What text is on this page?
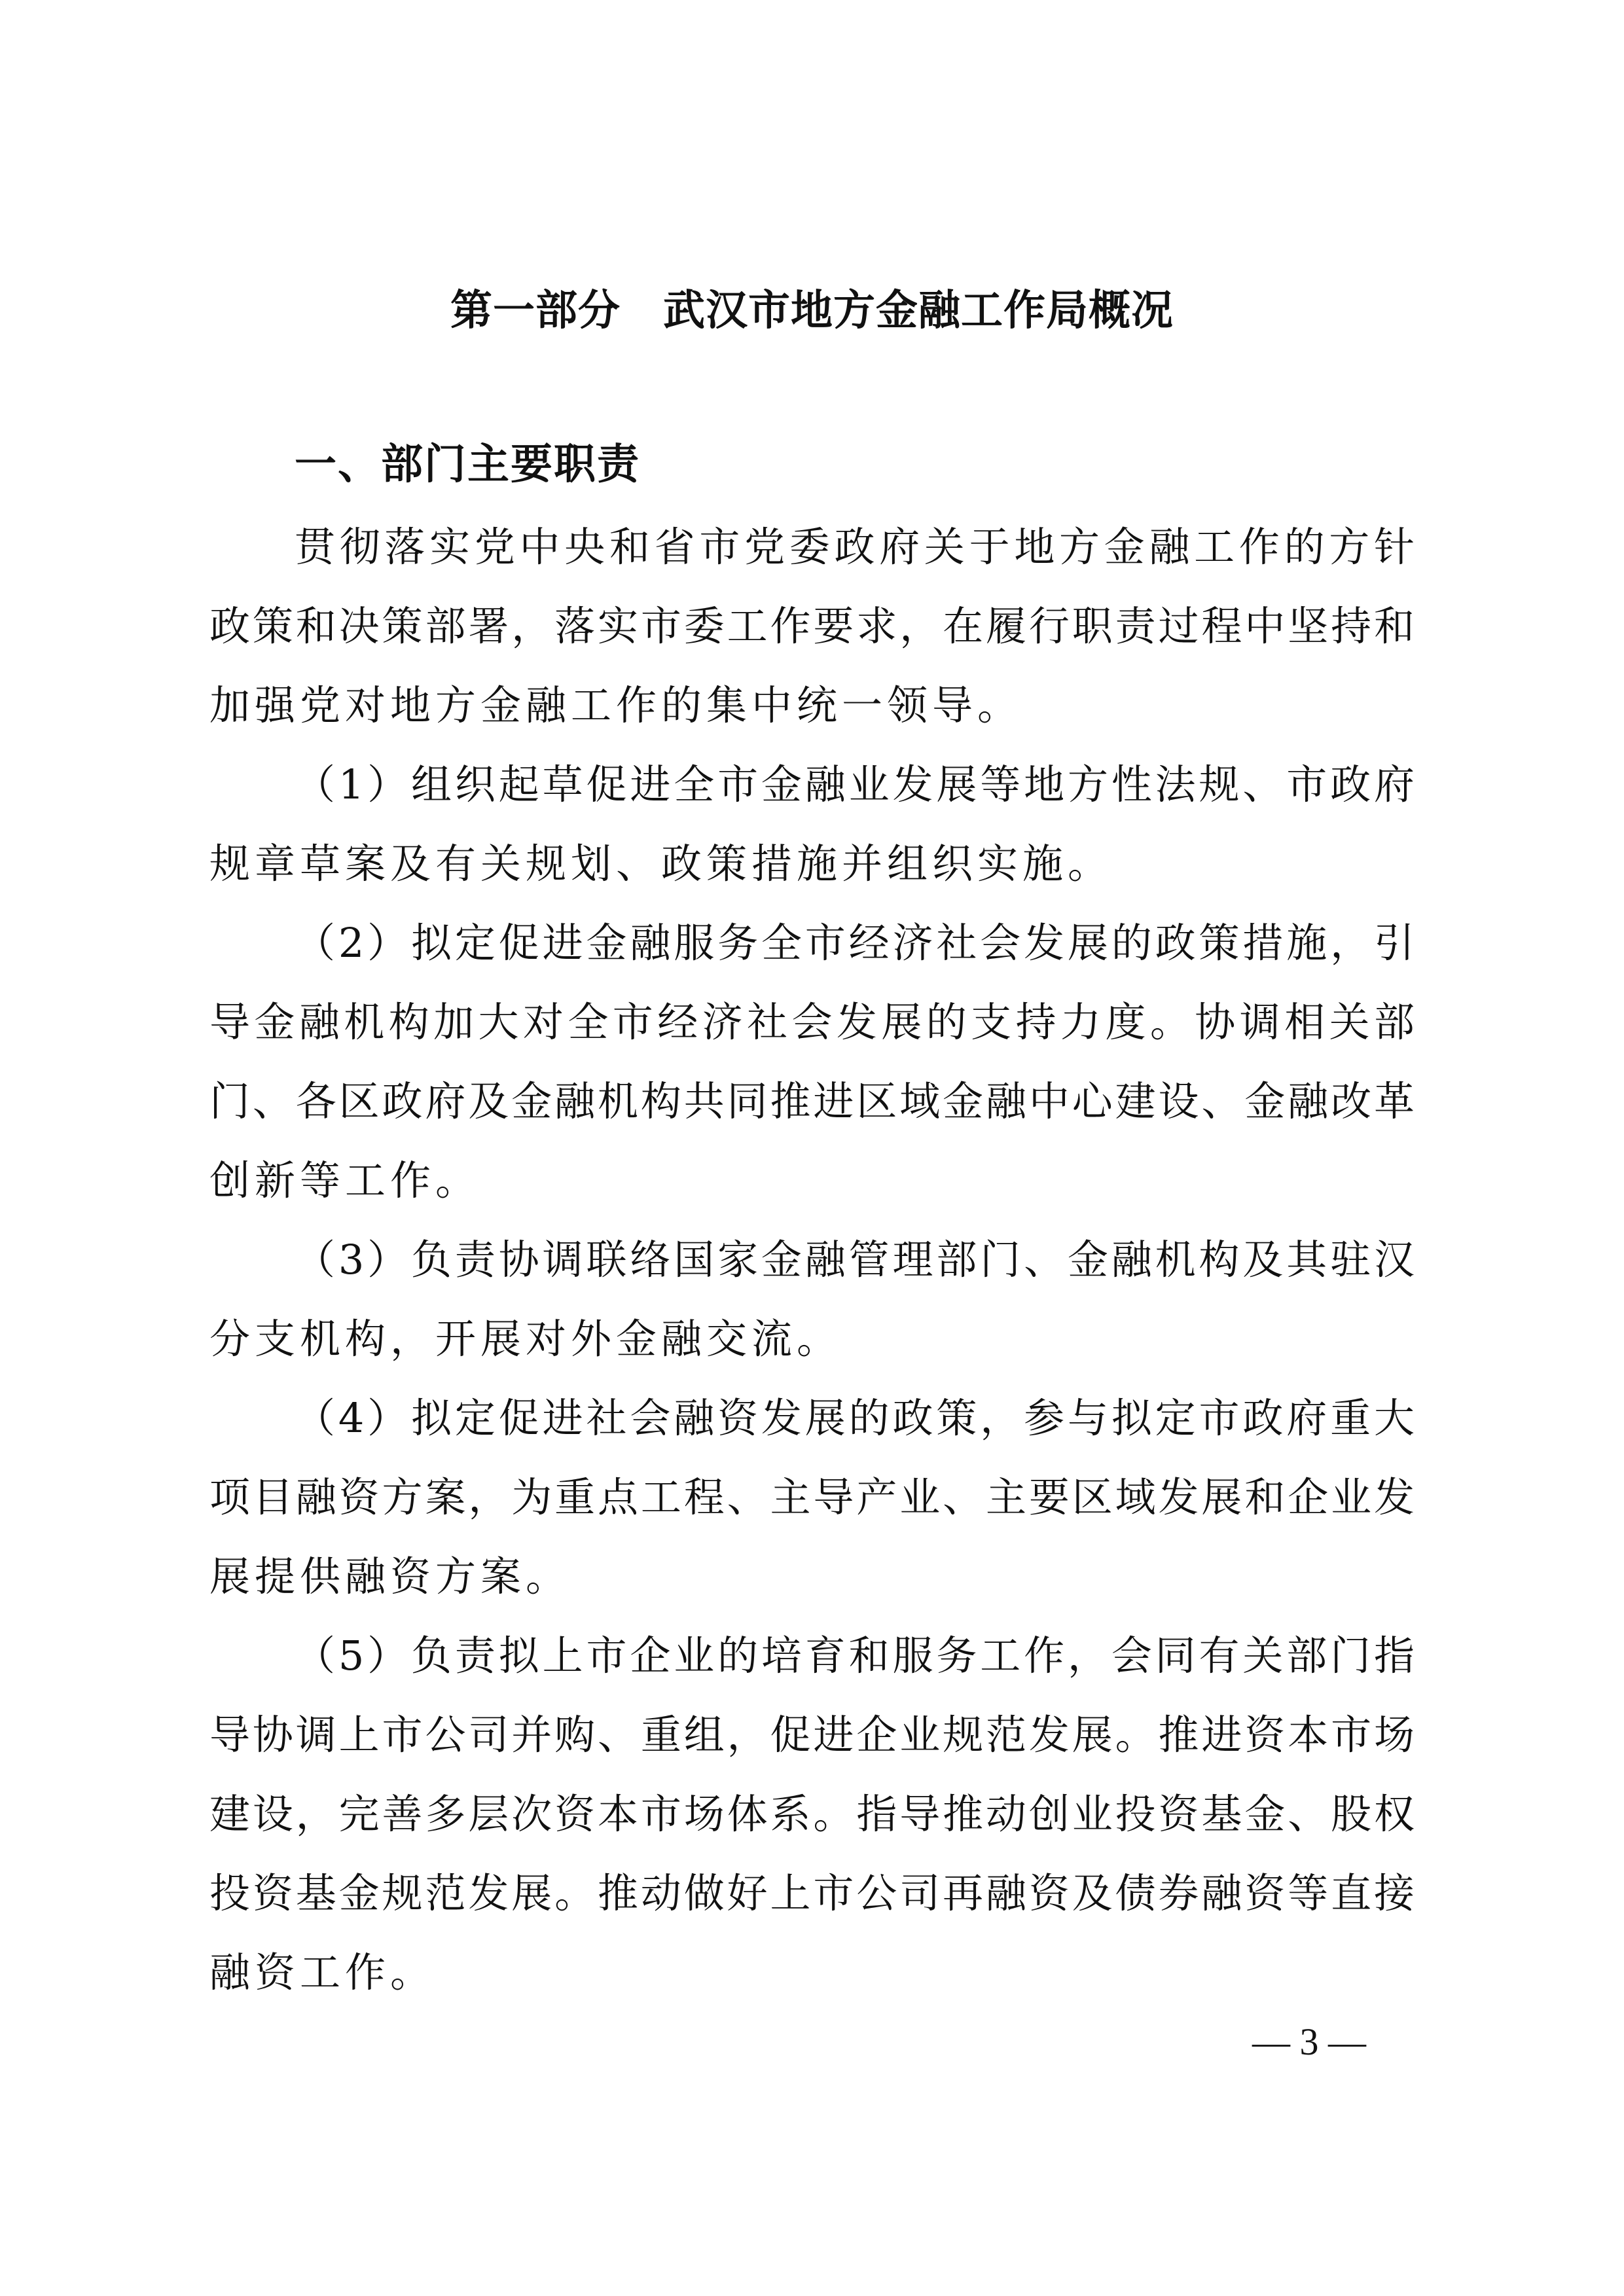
第一部分　武汉市地方金融工作局概况
一、部门主要职责
贯彻落实党中央和省市党委政府关于地方金融工作的方针
政策和决策部署，落实市委工作要求，在履行职责过程中坚持和
加强党对地方金融工作的集中统一领导。
（1）组织起草促进全市金融业发展等地方性法规、市政府
规章草案及有关规划、政策措施并组织实施。
（2）拟定促进金融服务全市经济社会发展的政策措施，引
导金融机构加大对全市经济社会发展的支持力度。协调相关部
门、各区政府及金融机构共同推进区域金融中心建设、金融改革
创新等工作。
（3）负责协调联络国家金融管理部门、金融机构及其驻汉
分支机构，开展对外金融交流。
（4）拟定促进社会融资发展的政策，参与拟定市政府重大
项目融资方案，为重点工程、主导产业、主要区域发展和企业发
展提供融资方案。
（5）负责拟上市企业的培育和服务工作，会同有关部门指
导协调上市公司并购、重组，促进企业规范发展。推进资本市场
建设，完善多层次资本市场体系。指导推动创业投资基金、股权
投资基金规范发展。推动做好上市公司再融资及债券融资等直接
融资工作。
— 3 —
